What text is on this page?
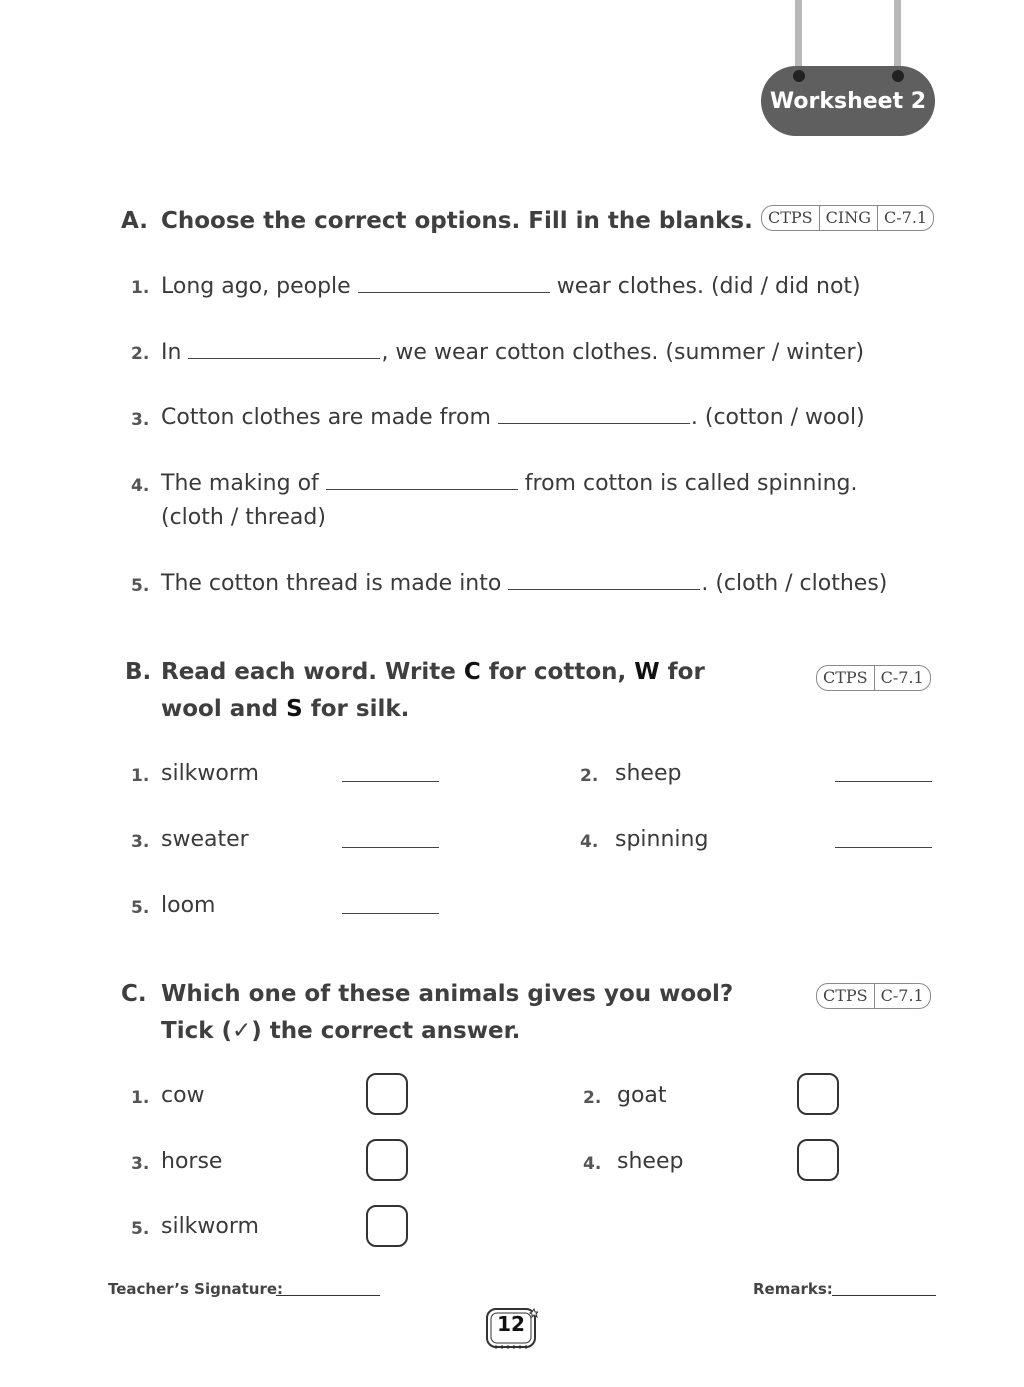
Worksheet 2
A. Choose the correct options. Fill in the blanks. CTPS CING C-7.1
1. Long ago, people	wear clothes. (did / did not)
2. In	, we wear cotton clothes. (summer / winter)
3. Cotton clothes are made from	. (cotton / wool)
4. The making of	from cotton is called spinning.
(cloth / thread)
5. The cotton thread is made into	. (cloth / clothes)
B. Read each word. Write C for cotton, W for
wool and S for silk.
CTPS C-7.1
1. silkworm	2. sheep
3. sweater	4. spinning
5. loom
C. Which one of these animals gives you wool?
Tick (✓) the correct answer.
CTPS C-7.1
1. cow	2. goat
3. horse	4. sheep
5. silkworm
Teacher’s Signature:	Remarks:
12
